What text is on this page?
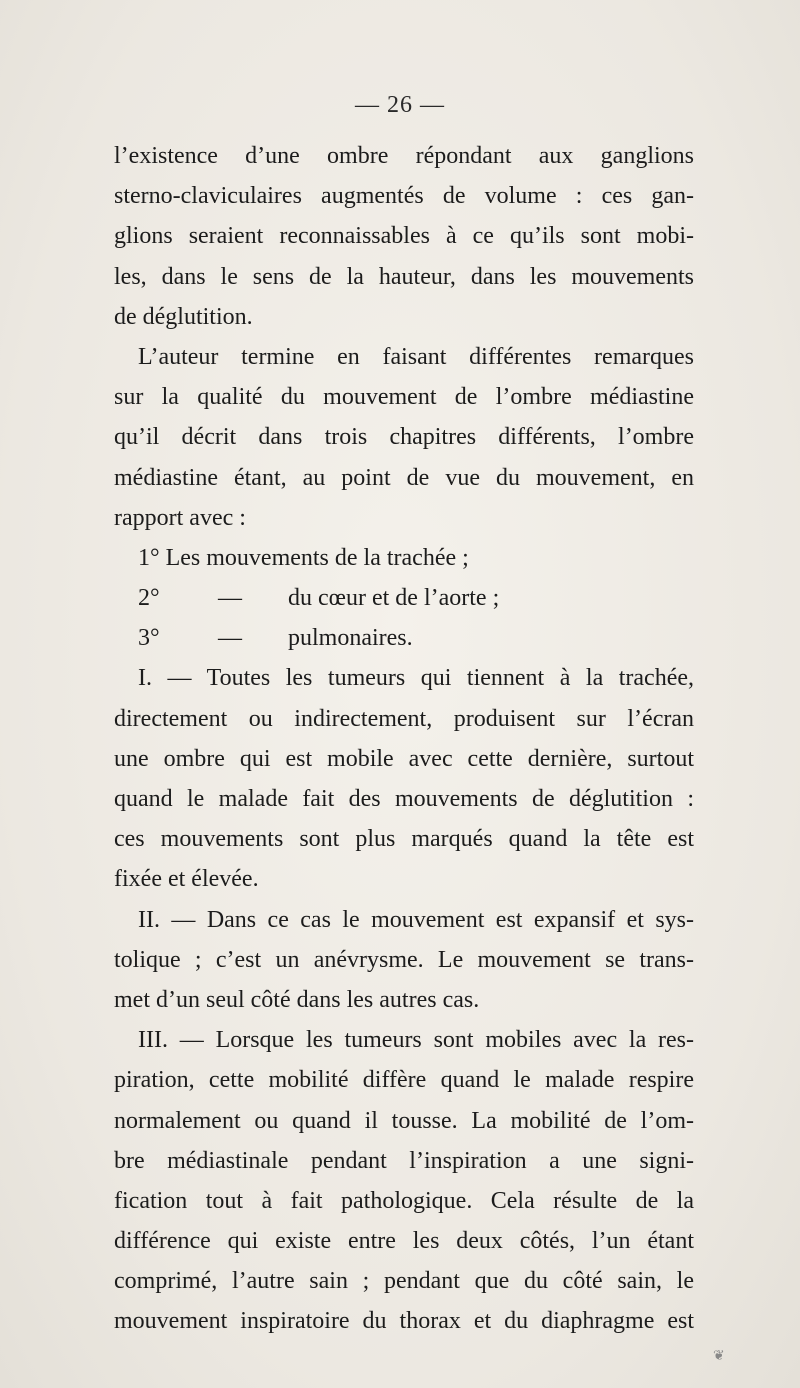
— 26 —
l’existence d’une ombre répondant aux ganglions
sterno-claviculaires augmentés de volume : ces gan-
glions seraient reconnaissables à ce qu’ils sont mobi-
les, dans le sens de la hauteur, dans les mouvements
de déglutition.
L’auteur termine en faisant différentes remarques
sur la qualité du mouvement de l’ombre médiastine
qu’il décrit dans trois chapitres différents, l’ombre
médiastine étant, au point de vue du mouvement, en
rapport avec :
1° Les mouvements de la trachée ;
2°	—	du cœur et de l’aorte ;
3°	—	pulmonaires.
I. — Toutes les tumeurs qui tiennent à la trachée,
directement ou indirectement, produisent sur l’écran
une ombre qui est mobile avec cette dernière, surtout
quand le malade fait des mouvements de déglutition :
ces mouvements sont plus marqués quand la tête est
fixée et élevée.
II. — Dans ce cas le mouvement est expansif et sys-
tolique ; c’est un anévrysme. Le mouvement se trans-
met d’un seul côté dans les autres cas.
III. — Lorsque les tumeurs sont mobiles avec la res-
piration, cette mobilité diffère quand le malade respire
normalement ou quand il tousse. La mobilité de l’om-
bre médiastinale pendant l’inspiration a une signi-
fication tout à fait pathologique. Cela résulte de la
différence qui existe entre les deux côtés, l’un étant
comprimé, l’autre sain ; pendant que du côté sain, le
mouvement inspiratoire du thorax et du diaphragme est
❦
